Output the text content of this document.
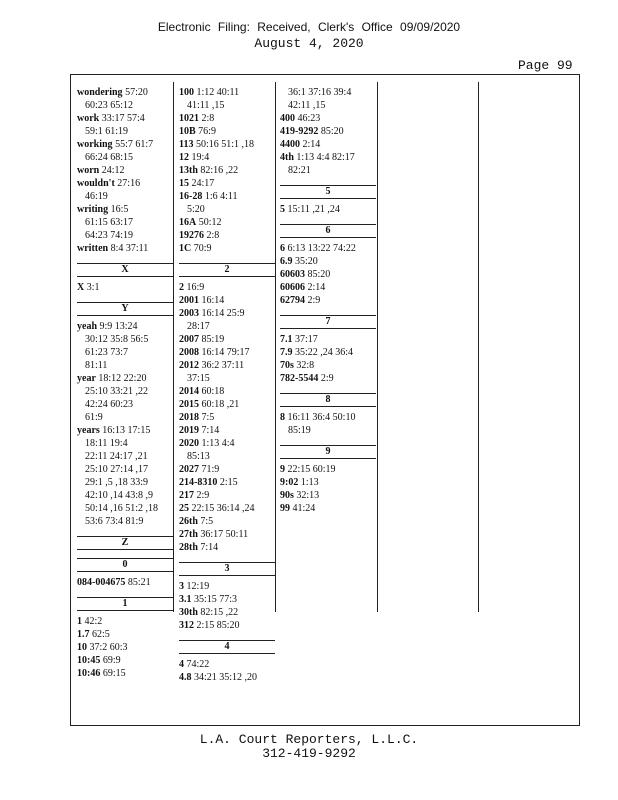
Electronic Filing: Received, Clerk's Office 09/09/2020
August 4, 2020
Page 99
wondering 57:20
60:23 65:12
work 33:17 57:4
59:1 61:19
working 55:7 61:7
66:24 68:15
worn 24:12
wouldn't 27:16
46:19
writing 16:5
61:15 63:17
64:23 74:19
written 8:4 37:11
X
X 3:1
Y
yeah 9:9 13:24
30:12 35:8 56:5
61:23 73:7
81:11
year 18:12 22:20
25:10 33:21 ,22
42:24 60:23
61:9
years 16:13 17:15
18:11 19:4
22:11 24:17 ,21
25:10 27:14 ,17
29:1 ,5 ,18 33:9
42:10 ,14 43:8 ,9
50:14 ,16 51:2 ,18
53:6 73:4 81:9
Z
0
084-004675 85:21
1
1 42:2
1.7 62:5
10 37:2 60:3
10:45 69:9
10:46 69:15
100 1:12 40:11
41:11 ,15
1021 2:8
10B 76:9
113 50:16 51:1 ,18
12 19:4
13th 82:16 ,22
15 24:17
16-28 1:6 4:11
5:20
16A 50:12
19276 2:8
1C 70:9
2
2 16:9
2001 16:14
2003 16:14 25:9
28:17
2007 85:19
2008 16:14 79:17
2012 36:2 37:11
37:15
2014 60:18
2015 60:18 ,21
2018 7:5
2019 7:14
2020 1:13 4:4
85:13
2027 71:9
214-8310 2:15
217 2:9
25 22:15 36:14 ,24
26th 7:5
27th 36:17 50:11
28th 7:14
3
3 12:19
3.1 35:15 77:3
30th 82:15 ,22
312 2:15 85:20
4
4 74:22
4.8 34:21 35:12 ,20
36:1 37:16 39:4
42:11 ,15
400 46:23
419-9292 85:20
4400 2:14
4th 1:13 4:4 82:17
82:21
5
5 15:11 ,21 ,24
6
6 6:13 13:22 74:22
6.9 35:20
60603 85:20
60606 2:14
62794 2:9
7
7.1 37:17
7.9 35:22 ,24 36:4
70s 32:8
782-5544 2:9
8
8 16:11 36:4 50:10
85:19
9
9 22:15 60:19
9:02 1:13
90s 32:13
99 41:24
L.A. Court Reporters, L.L.C.
312-419-9292
